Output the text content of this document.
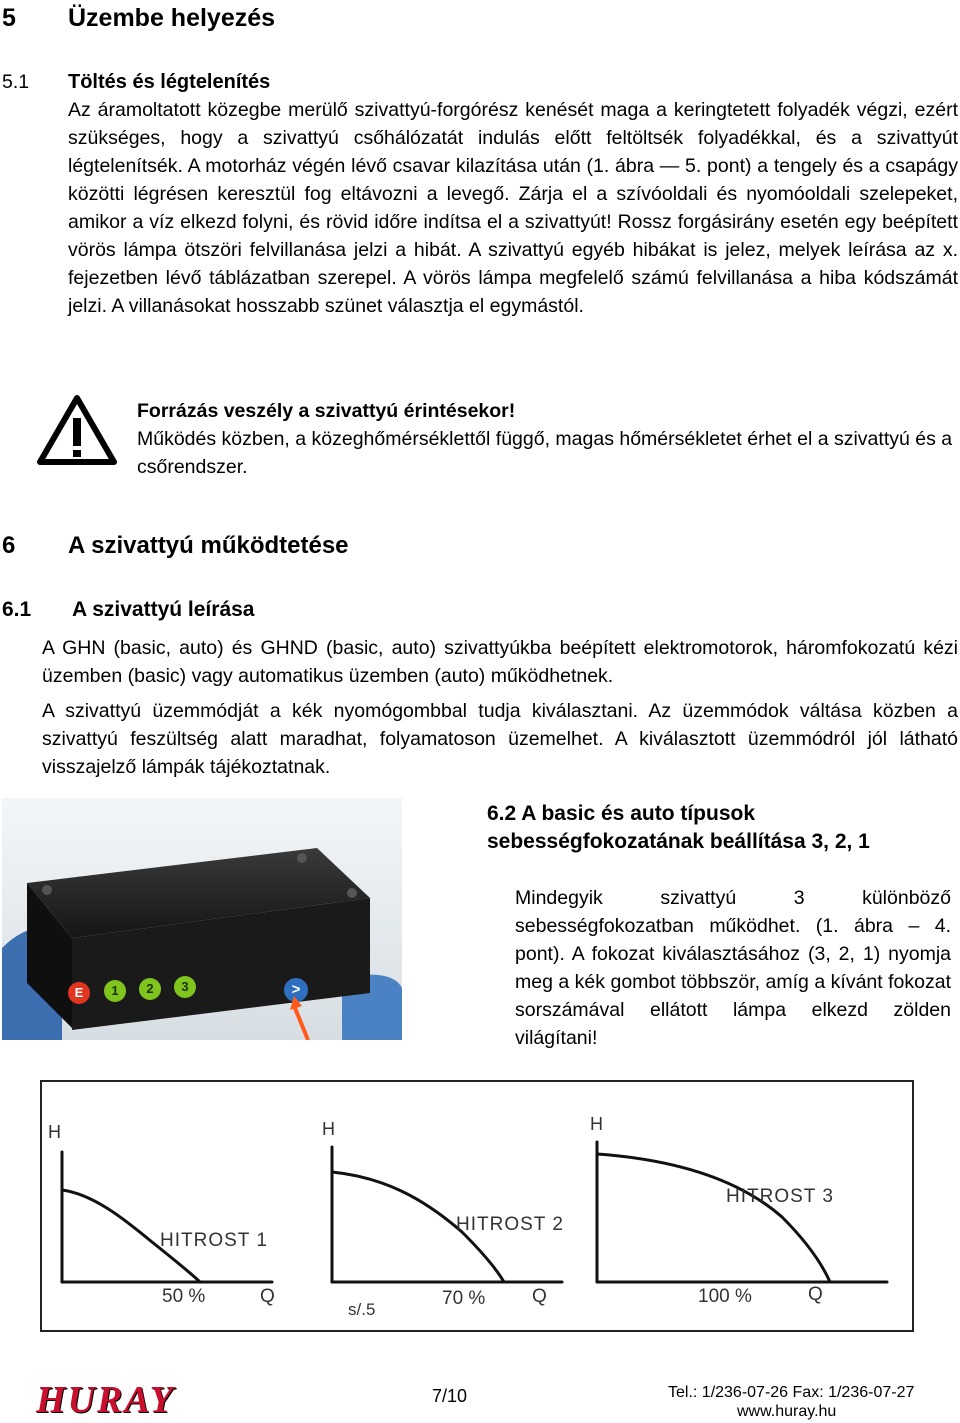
5 Üzembe helyezés
5.1 Töltés és légtelenítés

Az áramoltatott közegbe merülő szivattyú-forgórész kenését maga a keringtetett folyadék végzi, ezért szükséges, hogy a szivattyú csőhálózatát indulás előtt feltöltsék folyadékkal, és a szivattyút légtelenítsék. A motorház végén lévő csavar kilazítása után (1. ábra — 5. pont) a tengely és a csapágy közötti légrésen keresztül fog eltávozni a levegő. Zárja el a szívóoldali és nyomóoldali szelepeket, amikor a víz elkezd folyni, és rövid időre indítsa el a szivattyút! Rossz forgásirány esetén egy beépített vörös lámpa ötszöri felvillanása jelzi a hibát. A szivattyú egyéb hibákat is jelez, melyek leírása az x. fejezetben lévő táblázatban szerepel. A vörös lámpa megfelelő számú felvillanása a hiba kódszámát jelzi. A villanásokat hosszabb szünet választja el egymástól.

Forrázás veszély a szivattyú érintésekor!
Működés közben, a közeghőmérséklettől függő, magas hőmérsékletet érhet el a szivattyú és a csőrendszer.
6 A szivattyú működtetése
6.1 A szivattyú leírása

A GHN (basic, auto) és GHND (basic, auto) szivattyúkba beépített elektromotorok, háromfokozatú kézi üzemben (basic) vagy automatikus üzemben (auto) működhetnek.

A szivattyú üzemmódját a kék nyomógombbal tudja kiválasztani. Az üzemmódok váltása közben a szivattyú feszültség alatt maradhat, folyamatoson üzemelhet. A kiválasztott üzemmódról jól látható visszajelző lámpák tájékoztatnak.

E	1	2	3	>
6.2 A basic és auto típusok
sebességfokozatának beállítása 3, 2, 1

Mindegyik szivattyú 3 különböző sebességfokozatban működhet. (1. ábra – 4. pont). A fokozat kiválasztásához (3, 2, 1) nyomja meg a kék gombot többször, amíg a kívánt fokozat sorszámával ellátott lámpa elkezd zölden világítani!

H
HITROST 1
50 %	Q
H
HITROST 2
70 % Q
s/.5
H
HITROST 3
100 %	Q
HURAY	7/10	Tel.: 1/236-07-26 Fax: 1/236-07-27
www.huray.hu
